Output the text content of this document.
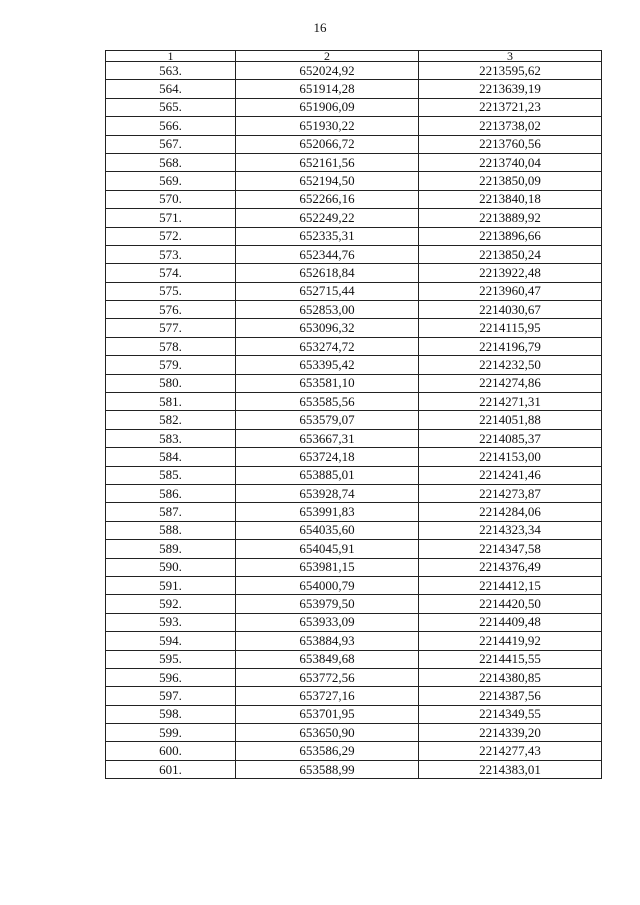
16
1	2	3
563.	652024,92	2213595,62
564.	651914,28	2213639,19
565.	651906,09	2213721,23
566.	651930,22	2213738,02
567.	652066,72	2213760,56
568.	652161,56	2213740,04
569.	652194,50	2213850,09
570.	652266,16	2213840,18
571.	652249,22	2213889,92
572.	652335,31	2213896,66
573.	652344,76	2213850,24
574.	652618,84	2213922,48
575.	652715,44	2213960,47
576.	652853,00	2214030,67
577.	653096,32	2214115,95
578.	653274,72	2214196,79
579.	653395,42	2214232,50
580.	653581,10	2214274,86
581.	653585,56	2214271,31
582.	653579,07	2214051,88
583.	653667,31	2214085,37
584.	653724,18	2214153,00
585.	653885,01	2214241,46
586.	653928,74	2214273,87
587.	653991,83	2214284,06
588.	654035,60	2214323,34
589.	654045,91	2214347,58
590.	653981,15	2214376,49
591.	654000,79	2214412,15
592.	653979,50	2214420,50
593.	653933,09	2214409,48
594.	653884,93	2214419,92
595.	653849,68	2214415,55
596.	653772,56	2214380,85
597.	653727,16	2214387,56
598.	653701,95	2214349,55
599.	653650,90	2214339,20
600.	653586,29	2214277,43
601.	653588,99	2214383,01
